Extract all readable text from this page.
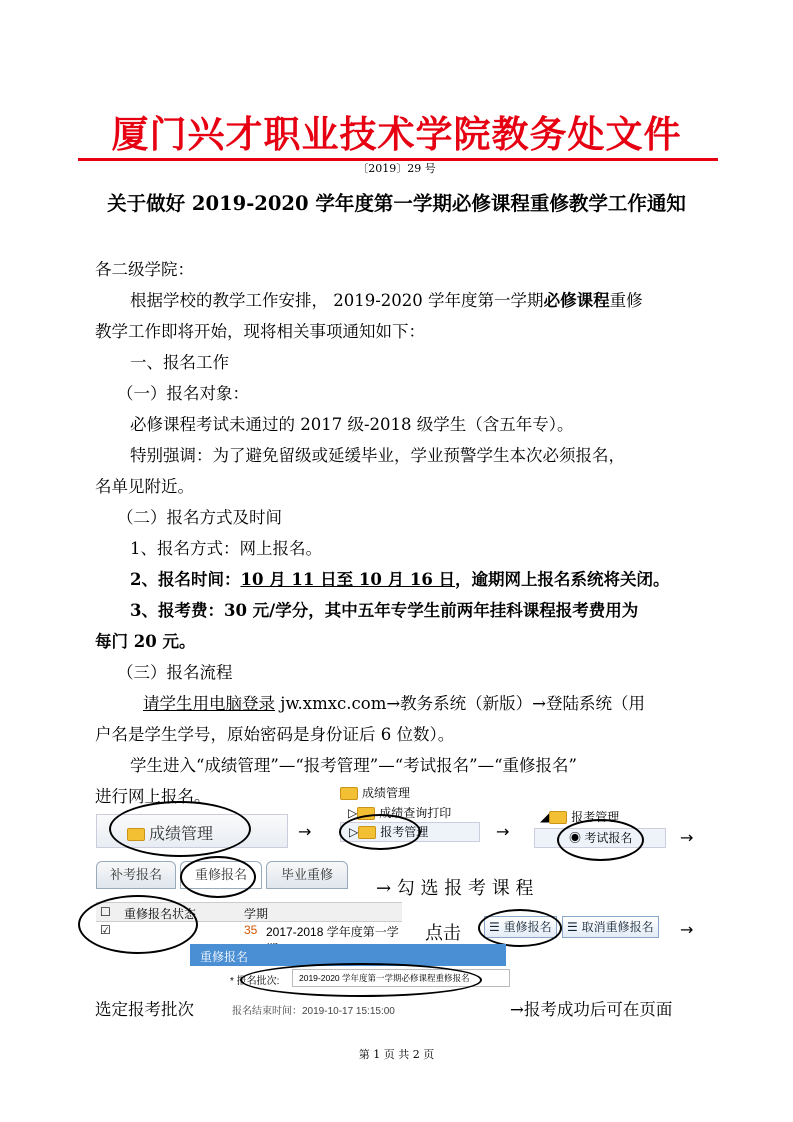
厦门兴才职业技术学院教务处文件
〔2019〕29 号
关于做好 2019-2020 学年度第一学期必修课程重修教学工作通知
各二级学院：
根据学校的教学工作安排， 2019-2020 学年度第一学期必修课程重修
教学工作即将开始，现将相关事项通知如下：
一、报名工作
（一）报名对象：
必修课程考试未通过的 2017 级-2018 级学生（含五年专）。
特别强调：为了避免留级或延缓毕业，学业预警学生本次必须报名，
名单见附近。
（二）报名方式及时间
1、报名方式：网上报名。
2、报名时间：10 月 11 日至 10 月 16 日，逾期网上报名系统将关闭。
3、报考费：30 元/学分，其中五年专学生前两年挂科课程报考费用为
每门 20 元。
（三）报名流程
请学生用电脑登录 jw.xmxc.com→教务系统（新版）→登陆系统（用
户名是学生学号，原始密码是身份证后 6 位数）。
学生进入“成绩管理”—“报考管理”—“考试报名”—“重修报名”
进行网上报名。
成绩管理	→
成绩管理
▷ 成绩查询打印
▷ 报考管理	→
◢ 报考管理
◉ 考试报名	→
补考报名	重修报名	毕业重修
→ 勾 选 报 考 课 程
☐ 重修报名状态	学期
☑	35 2017-2018 学年度第一学 点击	☰ 重修报名	☰ 取消重修报名	→
重修报名
* 报名批次:	2019-2020 学年度第一学期必修课程重修报名
报名结束时间：2019-10-17 15:15:00
选定报考批次	→报考成功后可在页面
第 1 页 共 2 页
